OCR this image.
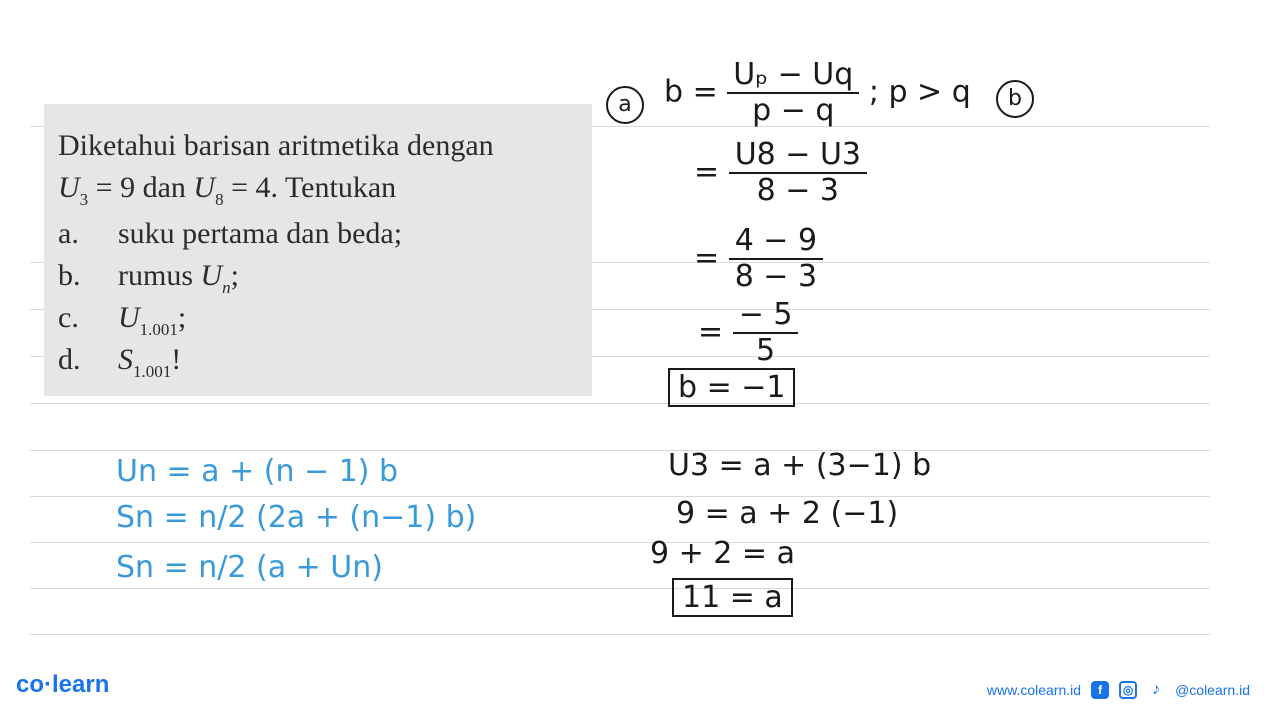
Diketahui barisan aritmetika dengan
$U_3 = 9$ dan $U_8 = 4$. Tentukan
a. suku pertama dan beda;
b. rumus $U_n$;
c. $U_{1.001}$;
d. $S_{1.001}$!
a	$b = \frac{\text{Uₚ − Uq}}{p - q}$ ; p > q	b
= $\frac{U8 - U3}{8 - 3}$
= $\frac{4 - 9}{8 - 3}$
= $\frac{- 5}{5}$
b = −1
U3 = a + (3−1) b
9 = a + 2 (−1)
9 + 2 = a
11 = a
Un = a + (n − 1) b
Sn = n/2 (2a + (n−1) b)
Sn = n/2 (a + Un)
co·learn	www.colearn.id	f	◎	♪	@colearn.id
